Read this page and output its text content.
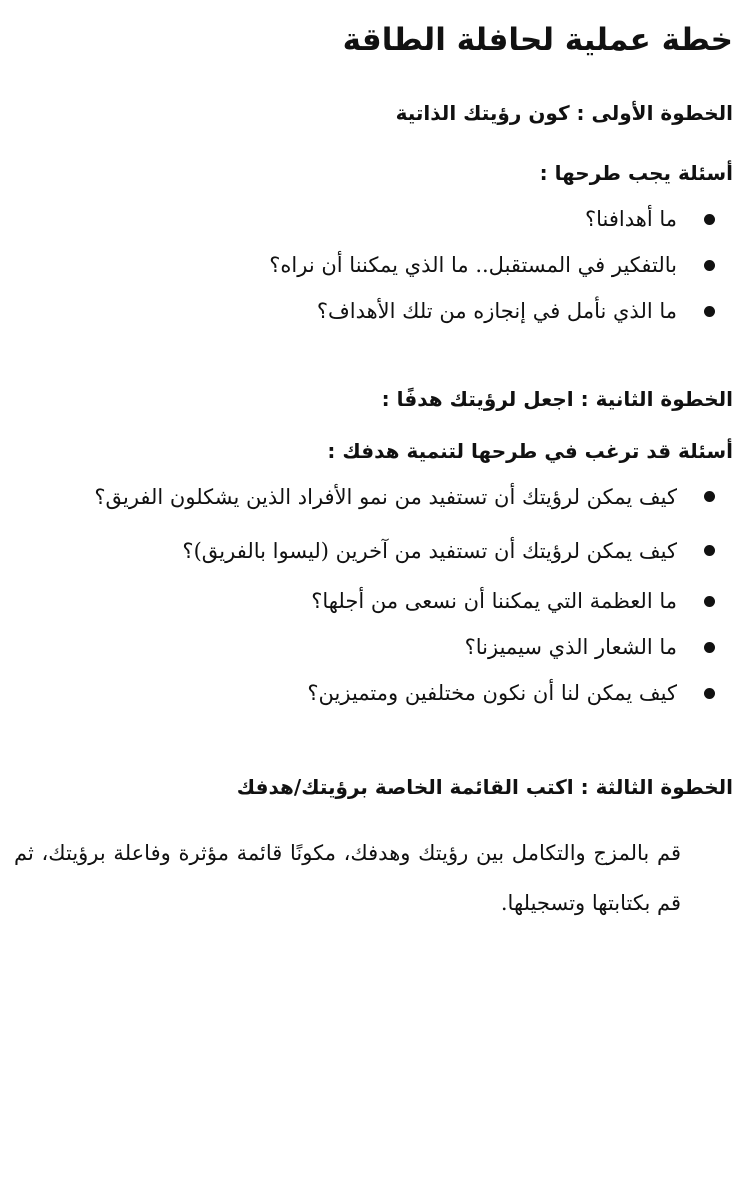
خطة عملية لحافلة الطاقة
الخطوة الأولى : كون رؤيتك الذاتية
أسئلة يجب طرحها :
ما أهدافنا؟
بالتفكير في المستقبل.. ما الذي يمكننا أن نراه؟
ما الذي نأمل في إنجازه من تلك الأهداف؟
الخطوة الثانية : اجعل لرؤيتك هدفًا :
أسئلة قد ترغب في طرحها لتنمية هدفك :
كيف يمكن لرؤيتك أن تستفيد من نمو الأفراد الذين يشكلون الفريق؟
كيف يمكن لرؤيتك أن تستفيد من آخرين (ليسوا بالفريق)؟
ما العظمة التي يمكننا أن نسعى من أجلها؟
ما الشعار الذي سيميزنا؟
كيف يمكن لنا أن نكون مختلفين ومتميزين؟
الخطوة الثالثة : اكتب القائمة الخاصة برؤيتك/هدفك

قم بالمزج والتكامل بين رؤيتك وهدفك، مكونًا قائمة مؤثرة وفاعلة برؤيتك، ثم قم بكتابتها وتسجيلها.
